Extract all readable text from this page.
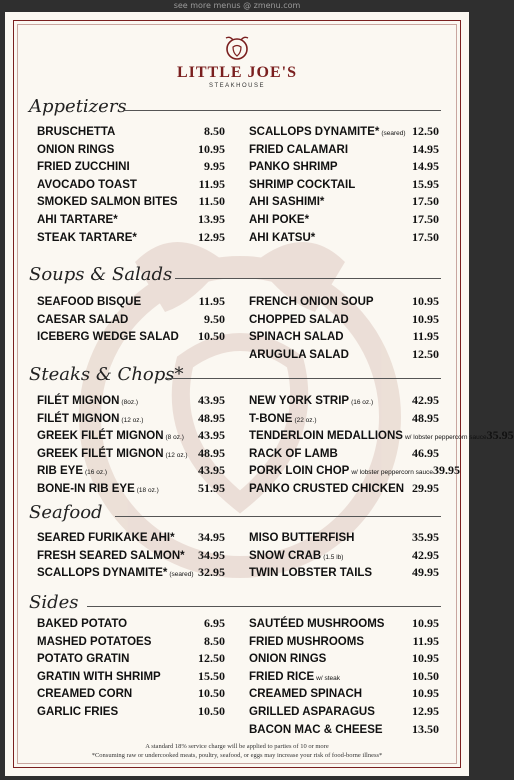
see more menus @ zmenu.com
LITTLE JOE'S
STEAKHOUSE
Appetizers
BRUSCHETTA	8.50
ONION RINGS	10.95
FRIED ZUCCHINI	9.95
AVOCADO TOAST	11.95
SMOKED SALMON BITES 11.50
AHI TARTARE*	13.95
STEAK TARTARE*	12.95
SCALLOPS DYNAMITE* (seared) 12.50
FRIED CALAMARI	14.95
PANKO SHRIMP	14.95
SHRIMP COCKTAIL	15.95
AHI SASHIMI*	17.50
AHI POKE*	17.50
AHI KATSU*	17.50
Soups & Salads
SEAFOOD BISQUE	11.95
CAESAR SALAD	9.50
ICEBERG WEDGE SALAD 10.50
FRENCH ONION SOUP	10.95
CHOPPED SALAD	10.95
SPINACH SALAD	11.95
ARUGULA SALAD	12.50
Steaks & Chops*
FILÉT MIGNON (8oz.)	43.95
FILÉT MIGNON (12 oz.)	48.95
GREEK FILÉT MIGNON (8 oz.) 43.95
GREEK FILÉT MIGNON (12 oz.) 48.95
RIB EYE (16 oz.)	43.95
BONE-IN RIB EYE (18 oz.)	51.95
NEW YORK STRIP (16 oz.)	42.95
T-BONE (22 oz.)	48.95
TENDERLOIN MEDALLIONS w/ lobster peppercorn sauce 35.95
RACK OF LAMB	46.95
PORK LOIN CHOP w/ lobster peppercorn sauce 39.95
PANKO CRUSTED CHICKEN 29.95
Seafood
SEARED FURIKAKE AHI* 34.95
FRESH SEARED SALMON* 34.95
SCALLOPS DYNAMITE* (seared) 32.95
MISO BUTTERFISH	35.95
SNOW CRAB (1.5 lb)	42.95
TWIN LOBSTER TAILS	49.95
Sides
BAKED POTATO	6.95
MASHED POTATOES	8.50
POTATO GRATIN	12.50
GRATIN WITH SHRIMP	15.50
CREAMED CORN	10.50
GARLIC FRIES	10.50
SAUTÉED MUSHROOMS 10.95
FRIED MUSHROOMS	11.95
ONION RINGS	10.95
FRIED RICE w/ steak	10.50
CREAMED SPINACH	10.95
GRILLED ASPARAGUS	12.95
BACON MAC & CHEESE 13.50
A standard 18% service charge will be applied to parties of 10 or more
*Consuming raw or undercooked meats, poultry, seafood, or eggs may increase your risk of food-borne illness*
